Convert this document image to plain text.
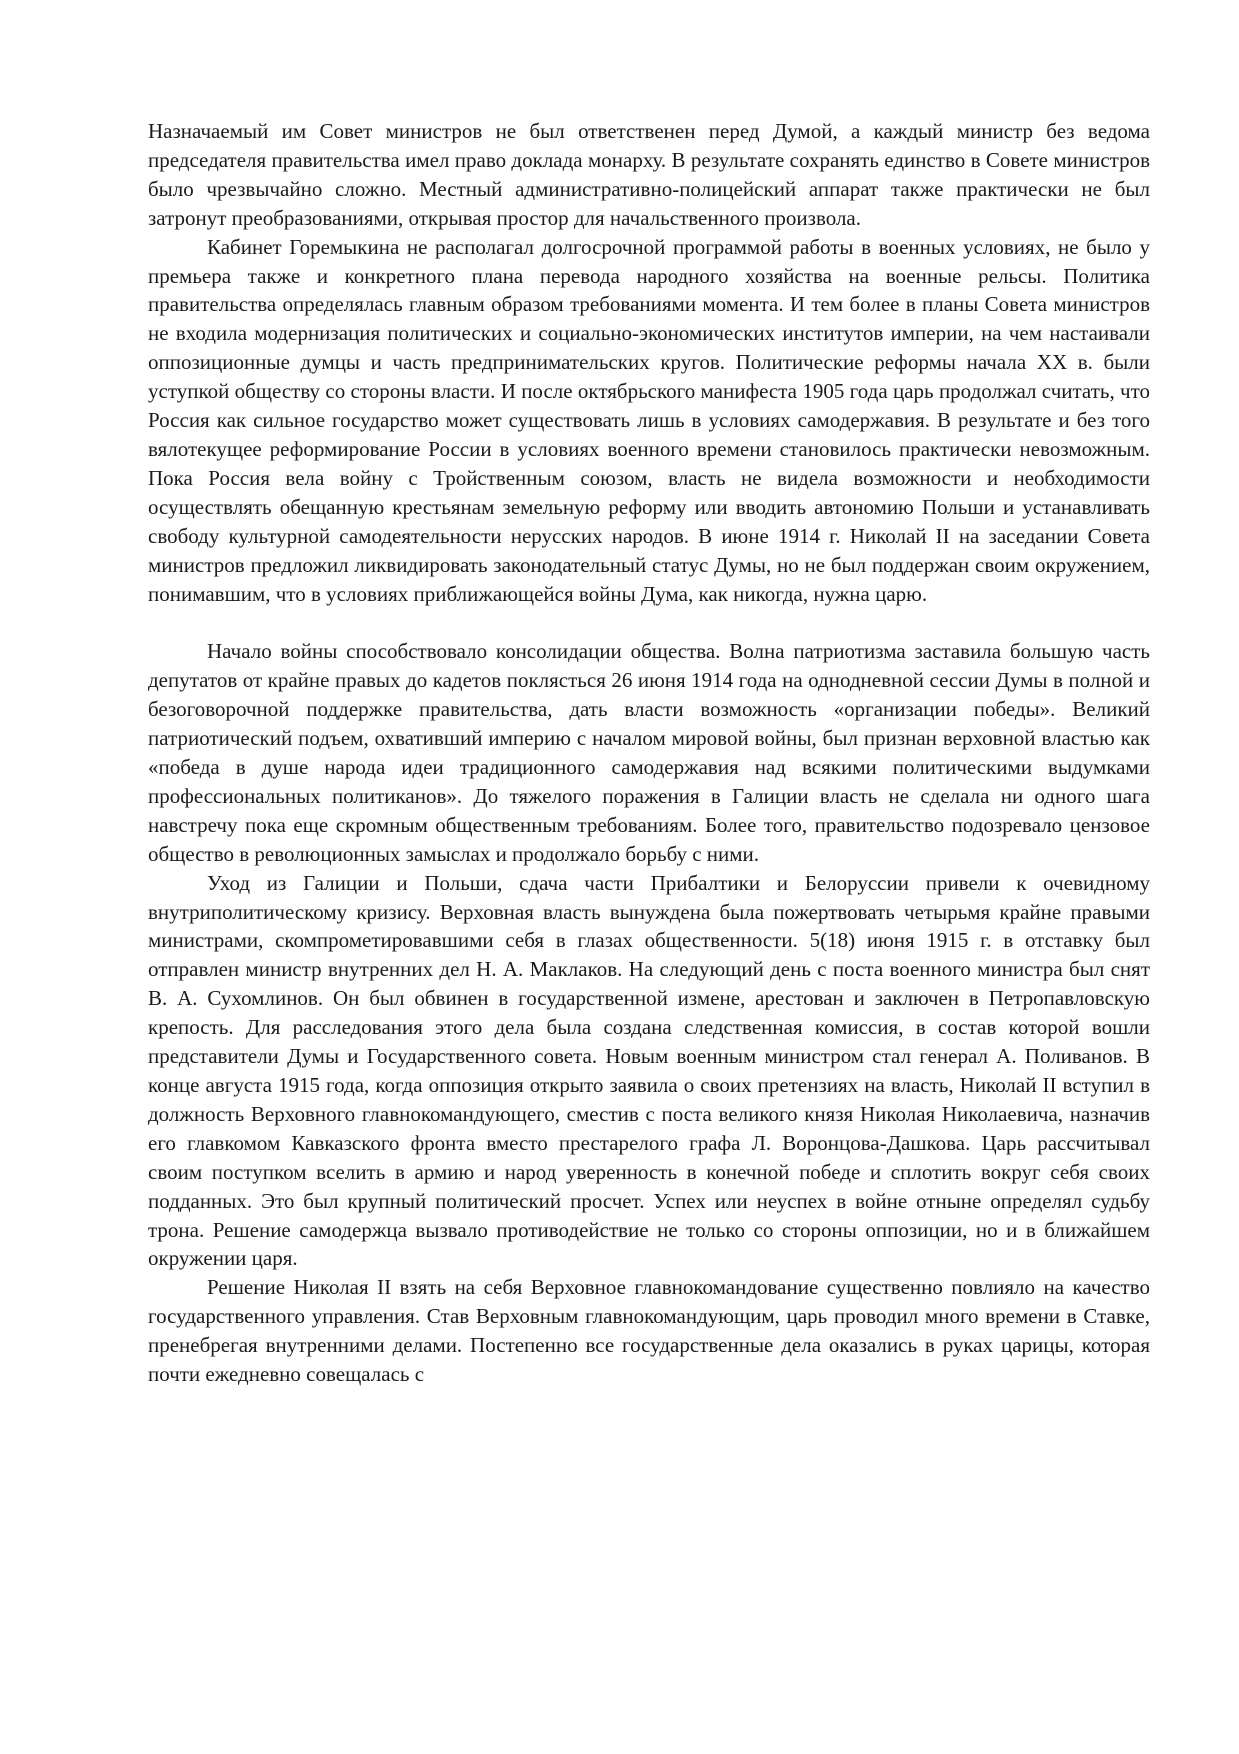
Назначаемый им Совет министров не был ответственен перед Думой, а каждый министр без ведома председателя правительства имел право доклада монарху. В результате сохранять единство в Совете министров было чрезвычайно сложно. Местный административно-полицейский аппарат также практически не был затронут преобразованиями, открывая простор для начальственного произвола.

Кабинет Горемыкина не располагал долгосрочной программой работы в военных условиях, не было у премьера также и конкретного плана перевода народного хозяйства на военные рельсы. Политика правительства определялась главным образом требованиями момента. И тем более в планы Совета министров не входила модернизация политических и социально-экономических институтов империи, на чем настаивали оппозиционные думцы и часть предпринимательских кругов. Политические реформы начала XX в. были уступкой обществу со стороны власти. И после октябрьского манифеста 1905 года царь продолжал считать, что Россия как сильное государство может существовать лишь в условиях самодержавия. В результате и без того вялотекущее реформирование России в условиях военного времени становилось практически невозможным. Пока Россия вела войну с Тройственным союзом, власть не видела возможности и необходимости осуществлять обещанную крестьянам земельную реформу или вводить автономию Польши и устанавливать свободу культурной самодеятельности нерусских народов. В июне 1914 г. Николай II на заседании Совета министров предложил ликвидировать законодательный статус Думы, но не был поддержан своим окружением, понимавшим, что в условиях приближающейся войны Дума, как никогда, нужна царю.

Начало войны способствовало консолидации общества. Волна патриотизма заставила большую часть депутатов от крайне правых до кадетов поклясться 26 июня 1914 года на однодневной сессии Думы в полной и безоговорочной поддержке правительства, дать власти возможность «организации победы». Великий патриотический подъем, охвативший империю с началом мировой войны, был признан верховной властью как «победа в душе народа идеи традиционного самодержавия над всякими политическими выдумками профессиональных политиканов». До тяжелого поражения в Галиции власть не сделала ни одного шага навстречу пока еще скромным общественным требованиям. Более того, правительство подозревало цензовое общество в революционных замыслах и продолжало борьбу с ними.

Уход из Галиции и Польши, сдача части Прибалтики и Белоруссии привели к очевидному внутриполитическому кризису. Верховная власть вынуждена была пожертвовать четырьмя крайне правыми министрами, скомпрометировавшими себя в глазах общественности. 5(18) июня 1915 г. в отставку был отправлен министр внутренних дел Н. А. Маклаков. На следующий день с поста военного министра был снят В. А. Сухомлинов. Он был обвинен в государственной измене, арестован и заключен в Петропавловскую крепость. Для расследования этого дела была создана следственная комиссия, в состав которой вошли представители Думы и Государственного совета. Новым военным министром стал генерал А. Поливанов. В конце августа 1915 года, когда оппозиция открыто заявила о своих претензиях на власть, Николай II вступил в должность Верховного главнокомандующего, сместив с поста великого князя Николая Николаевича, назначив его главкомом Кавказского фронта вместо престарелого графа Л. Воронцова-Дашкова. Царь рассчитывал своим поступком вселить в армию и народ уверенность в конечной победе и сплотить вокруг себя своих подданных. Это был крупный политический просчет. Успех или неуспех в войне отныне определял судьбу трона. Решение самодержца вызвало противодействие не только со стороны оппозиции, но и в ближайшем окружении царя.

Решение Николая II взять на себя Верховное главнокомандование существенно повлияло на качество государственного управления. Став Верховным главнокомандующим, царь проводил много времени в Ставке, пренебрегая внутренними делами. Постепенно все государственные дела оказались в руках царицы, которая почти ежедневно совещалась с
